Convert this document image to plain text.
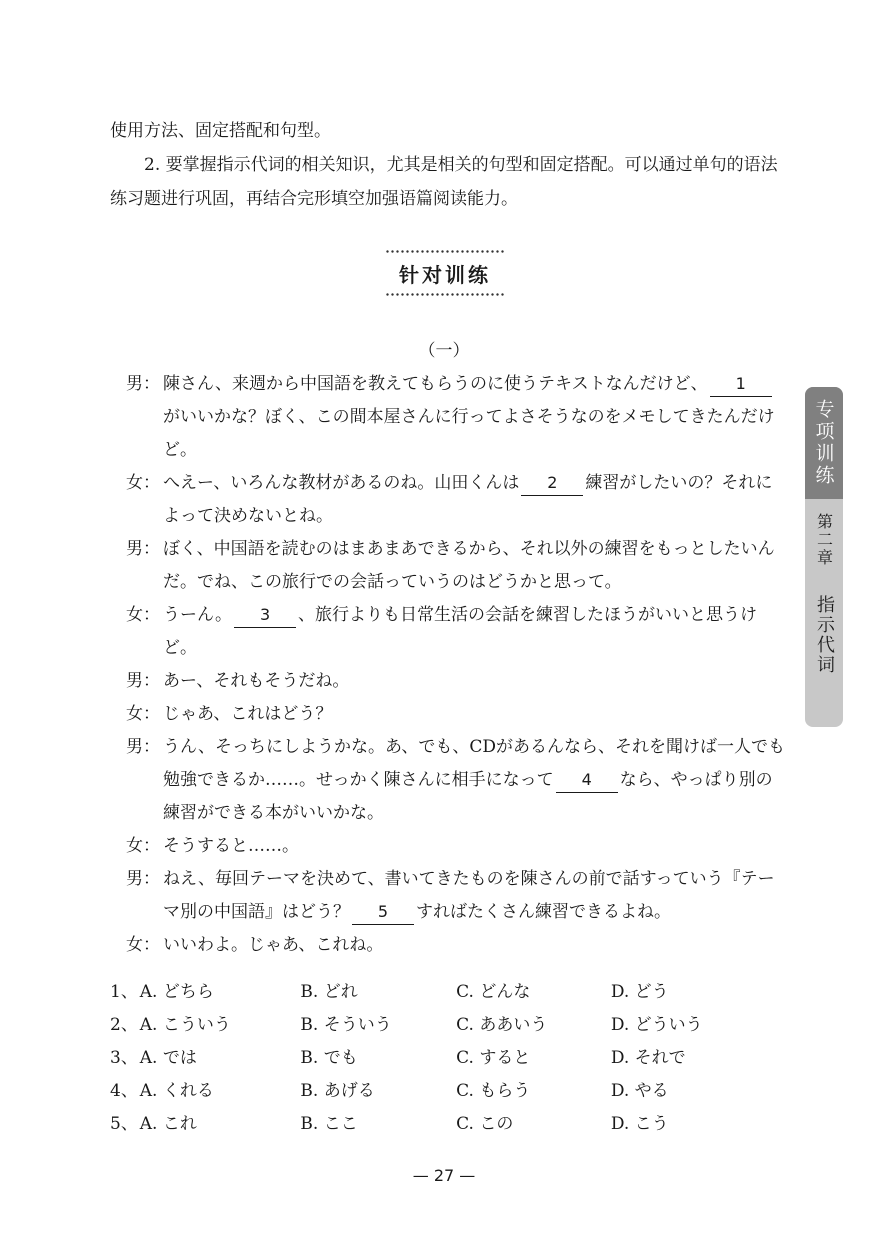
使用方法、固定搭配和句型。

2. 要掌握指示代词的相关知识，尤其是相关的句型和固定搭配。可以通过单句的语法练习题进行巩固，再结合完形填空加强语篇阅读能力。

针对训练
（一）
男： 陳さん、来週から中国語を教えてもらうのに使うテキストなんだけど、 1がいいかな？ぼく、この間本屋さんに行ってよさそうなのをメモしてきたんだけど。
女： へえー、いろんな教材があるのね。山田くんは 2 練習がしたいの？それによって決めないとね。
男： ぼく、中国語を読むのはまあまあできるから、それ以外の練習をもっとしたいんだ。でね、この旅行での会話っていうのはどうかと思って。
女： うーん。 3 、旅行よりも日常生活の会話を練習したほうがいいと思うけど。
男： あー、それもそうだね。
女： じゃあ、これはどう？
男： うん、そっちにしようかな。あ、でも、CDがあるんなら、それを聞けば一人でも勉強できるか……。せっかく陳さんに相手になって 4 なら、やっぱり別の練習ができる本がいいかな。
女： そうすると……。
男： ねえ、毎回テーマを決めて、書いてきたものを陳さんの前で話すっていう『テーマ別の中国語』はどう？ 5 すればたくさん練習できるよね。
女： いいわよ。じゃあ、これね。
1、 A. どちら	B. どれ	C. どんな	D. どう
2、 A. こういう	B. そういう	C. ああいう	D. どういう
3、 A. では	B. でも	C. すると	D. それで
4、 A. くれる	B. あげる	C. もらう	D. やる
5、 A. これ	B. ここ	C. この	D. こう
专项训练
第二章
指示代词
— 27 —
